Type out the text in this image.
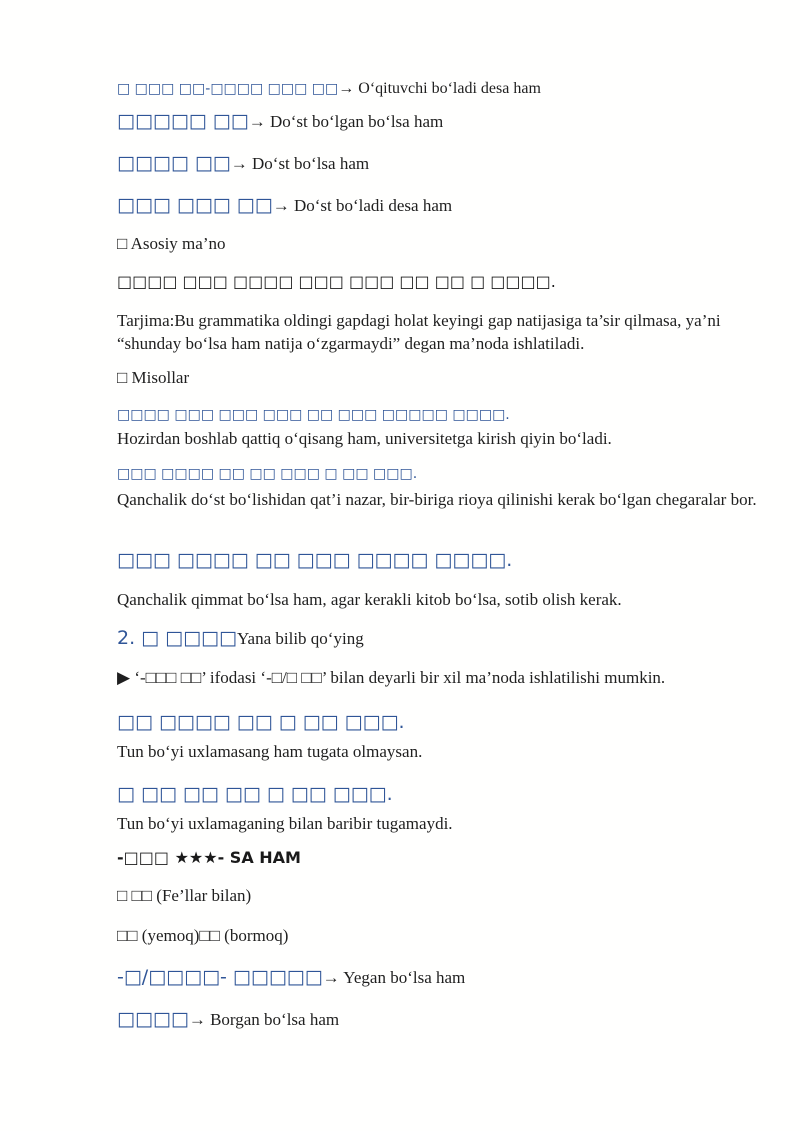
□ □□□ □□-□□□□ □□□ □□→ O‘qituvchi bo‘ladi desa ham
□□□□□ □□→ Do‘st bo‘lgan bo‘lsa ham
□□□□ □□→ Do‘st bo‘lsa ham
□□□ □□□ □□→ Do‘st bo‘ladi desa ham
□ Asosiy ma’no
□□□□ □□□ □□□□ □□□ □□□ □□ □□ □ □□□□.
Tarjima:Bu grammatika oldingi gapdagi holat keyingi gap natijasiga ta’sir qilmasa, ya’ni “shunday bo‘lsa ham natija o‘zgarmaydi” degan ma’noda ishlatiladi.
□ Misollar
□□□□ □□□ □□□ □□□ □□ □□□ □□□□□ □□□□.
Hozirdan boshlab qattiq o‘qisang ham, universitetga kirish qiyin bo‘ladi.
□□□ □□□□ □□ □□ □□□ □ □□ □□□.
Qanchalik do‘st bo‘lishidan qat’i nazar, bir-biriga rioya qilinishi kerak bo‘lgan chegaralar bor.
□□□ □□□□ □□ □□□ □□□□ □□□□.
Qanchalik qimmat bo‘lsa ham, agar kerakli kitob bo‘lsa, sotib olish kerak.
2. □ □□□□Yana bilib qo‘ying
▶ ‘-□□□ □□’ ifodasi ‘-□/□ □□’ bilan deyarli bir xil ma’noda ishlatilishi mumkin.
□□ □□□□ □□ □ □□ □□□.
Tun bo‘yi uxlamasang ham tugata olmaysan.
□ □□ □□ □□ □ □□ □□□.
Tun bo‘yi uxlamaganing bilan baribir tugamaydi.
-□□□ ★★★- SA HAM
□ □□ (Fe’llar bilan)
□□ (yemoq)□□ (bormoq)
-□/□□□□- □□□□□→ Yegan bo‘lsa ham
□□□□→ Borgan bo‘lsa ham
